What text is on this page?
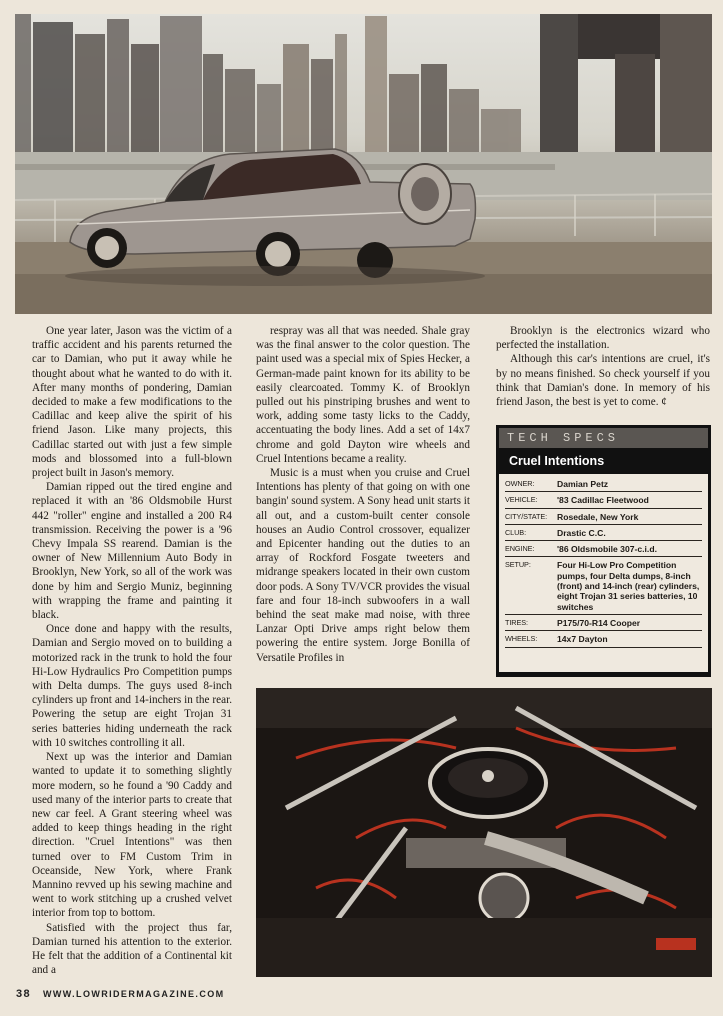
One year later, Jason was the victim of a traffic accident and his parents returned the car to Damian, who put it away while he thought about what he wanted to do with it. After many months of pondering, Damian decided to make a few modifications to the Cadillac and keep alive the spirit of his friend Jason. Like many projects, this Cadillac started out with just a few simple mods and blossomed into a full-blown project built in Jason's memory.

Damian ripped out the tired engine and replaced it with an '86 Oldsmobile Hurst 442 "roller" engine and installed a 200 R4 transmission. Receiving the power is a '96 Chevy Impala SS rearend. Damian is the owner of New Millennium Auto Body in Brooklyn, New York, so all of the work was done by him and Sergio Muniz, beginning with wrapping the frame and painting it black.

Once done and happy with the results, Damian and Sergio moved on to building a motorized rack in the trunk to hold the four Hi-Low Hydraulics Pro Competition pumps with Delta dumps. The guys used 8-inch cylinders up front and 14-inchers in the rear. Powering the setup are eight Trojan 31 series batteries hiding underneath the rack with 10 switches controlling it all.

Next up was the interior and Damian wanted to update it to something slightly more modern, so he found a '90 Caddy and used many of the interior parts to create that new car feel. A Grant steering wheel was added to keep things heading in the right direction. "Cruel Intentions" was then turned over to FM Custom Trim in Oceanside, New York, where Frank Mannino revved up his sewing machine and went to work stitching up a crushed velvet interior from top to bottom.

Satisfied with the project thus far, Damian turned his attention to the exterior. He felt that the addition of a Continental kit and a

respray was all that was needed. Shale gray was the final answer to the color question. The paint used was a special mix of Spies Hecker, a German-made paint known for its ability to be easily clearcoated. Tommy K. of Brooklyn pulled out his pinstriping brushes and went to work, adding some tasty licks to the Caddy, accentuating the body lines. Add a set of 14x7 chrome and gold Dayton wire wheels and Cruel Intentions became a reality.

Music is a must when you cruise and Cruel Intentions has plenty of that going on with one bangin' sound system. A Sony head unit starts it all out, and a custom-built center console houses an Audio Control crossover, equalizer and Epicenter handing out the duties to an array of Rockford Fosgate tweeters and midrange speakers located in their own custom door pods. A Sony TV/VCR provides the visual fare and four 18-inch subwoofers in a wall behind the seat make mad noise, with three Lanzar Opti Drive amps right below them powering the entire system. Jorge Bonilla of Versatile Profiles in

Brooklyn is the electronics wizard who perfected the installation.

Although this car's intentions are cruel, it's by no means finished. So check yourself if you think that Damian's done. In memory of his friend Jason, the best is yet to come. ¢

TECH SPECS
Cruel Intentions
OWNER:	Damian Petz
VEHICLE:	'83 Cadillac Fleetwood
CITY/STATE:	Rosedale, New York
CLUB:	Drastic C.C.
ENGINE:	'86 Oldsmobile 307-c.i.d.
SETUP:	Four Hi-Low Pro Competition pumps, four Delta dumps, 8-inch (front) and 14-inch (rear) cylinders, eight Trojan 31 series batteries, 10 switches
TIRES:	P175/70-R14 Cooper
WHEELS:	14x7 Dayton
38 WWW.LOWRIDERMAGAZINE.COM
